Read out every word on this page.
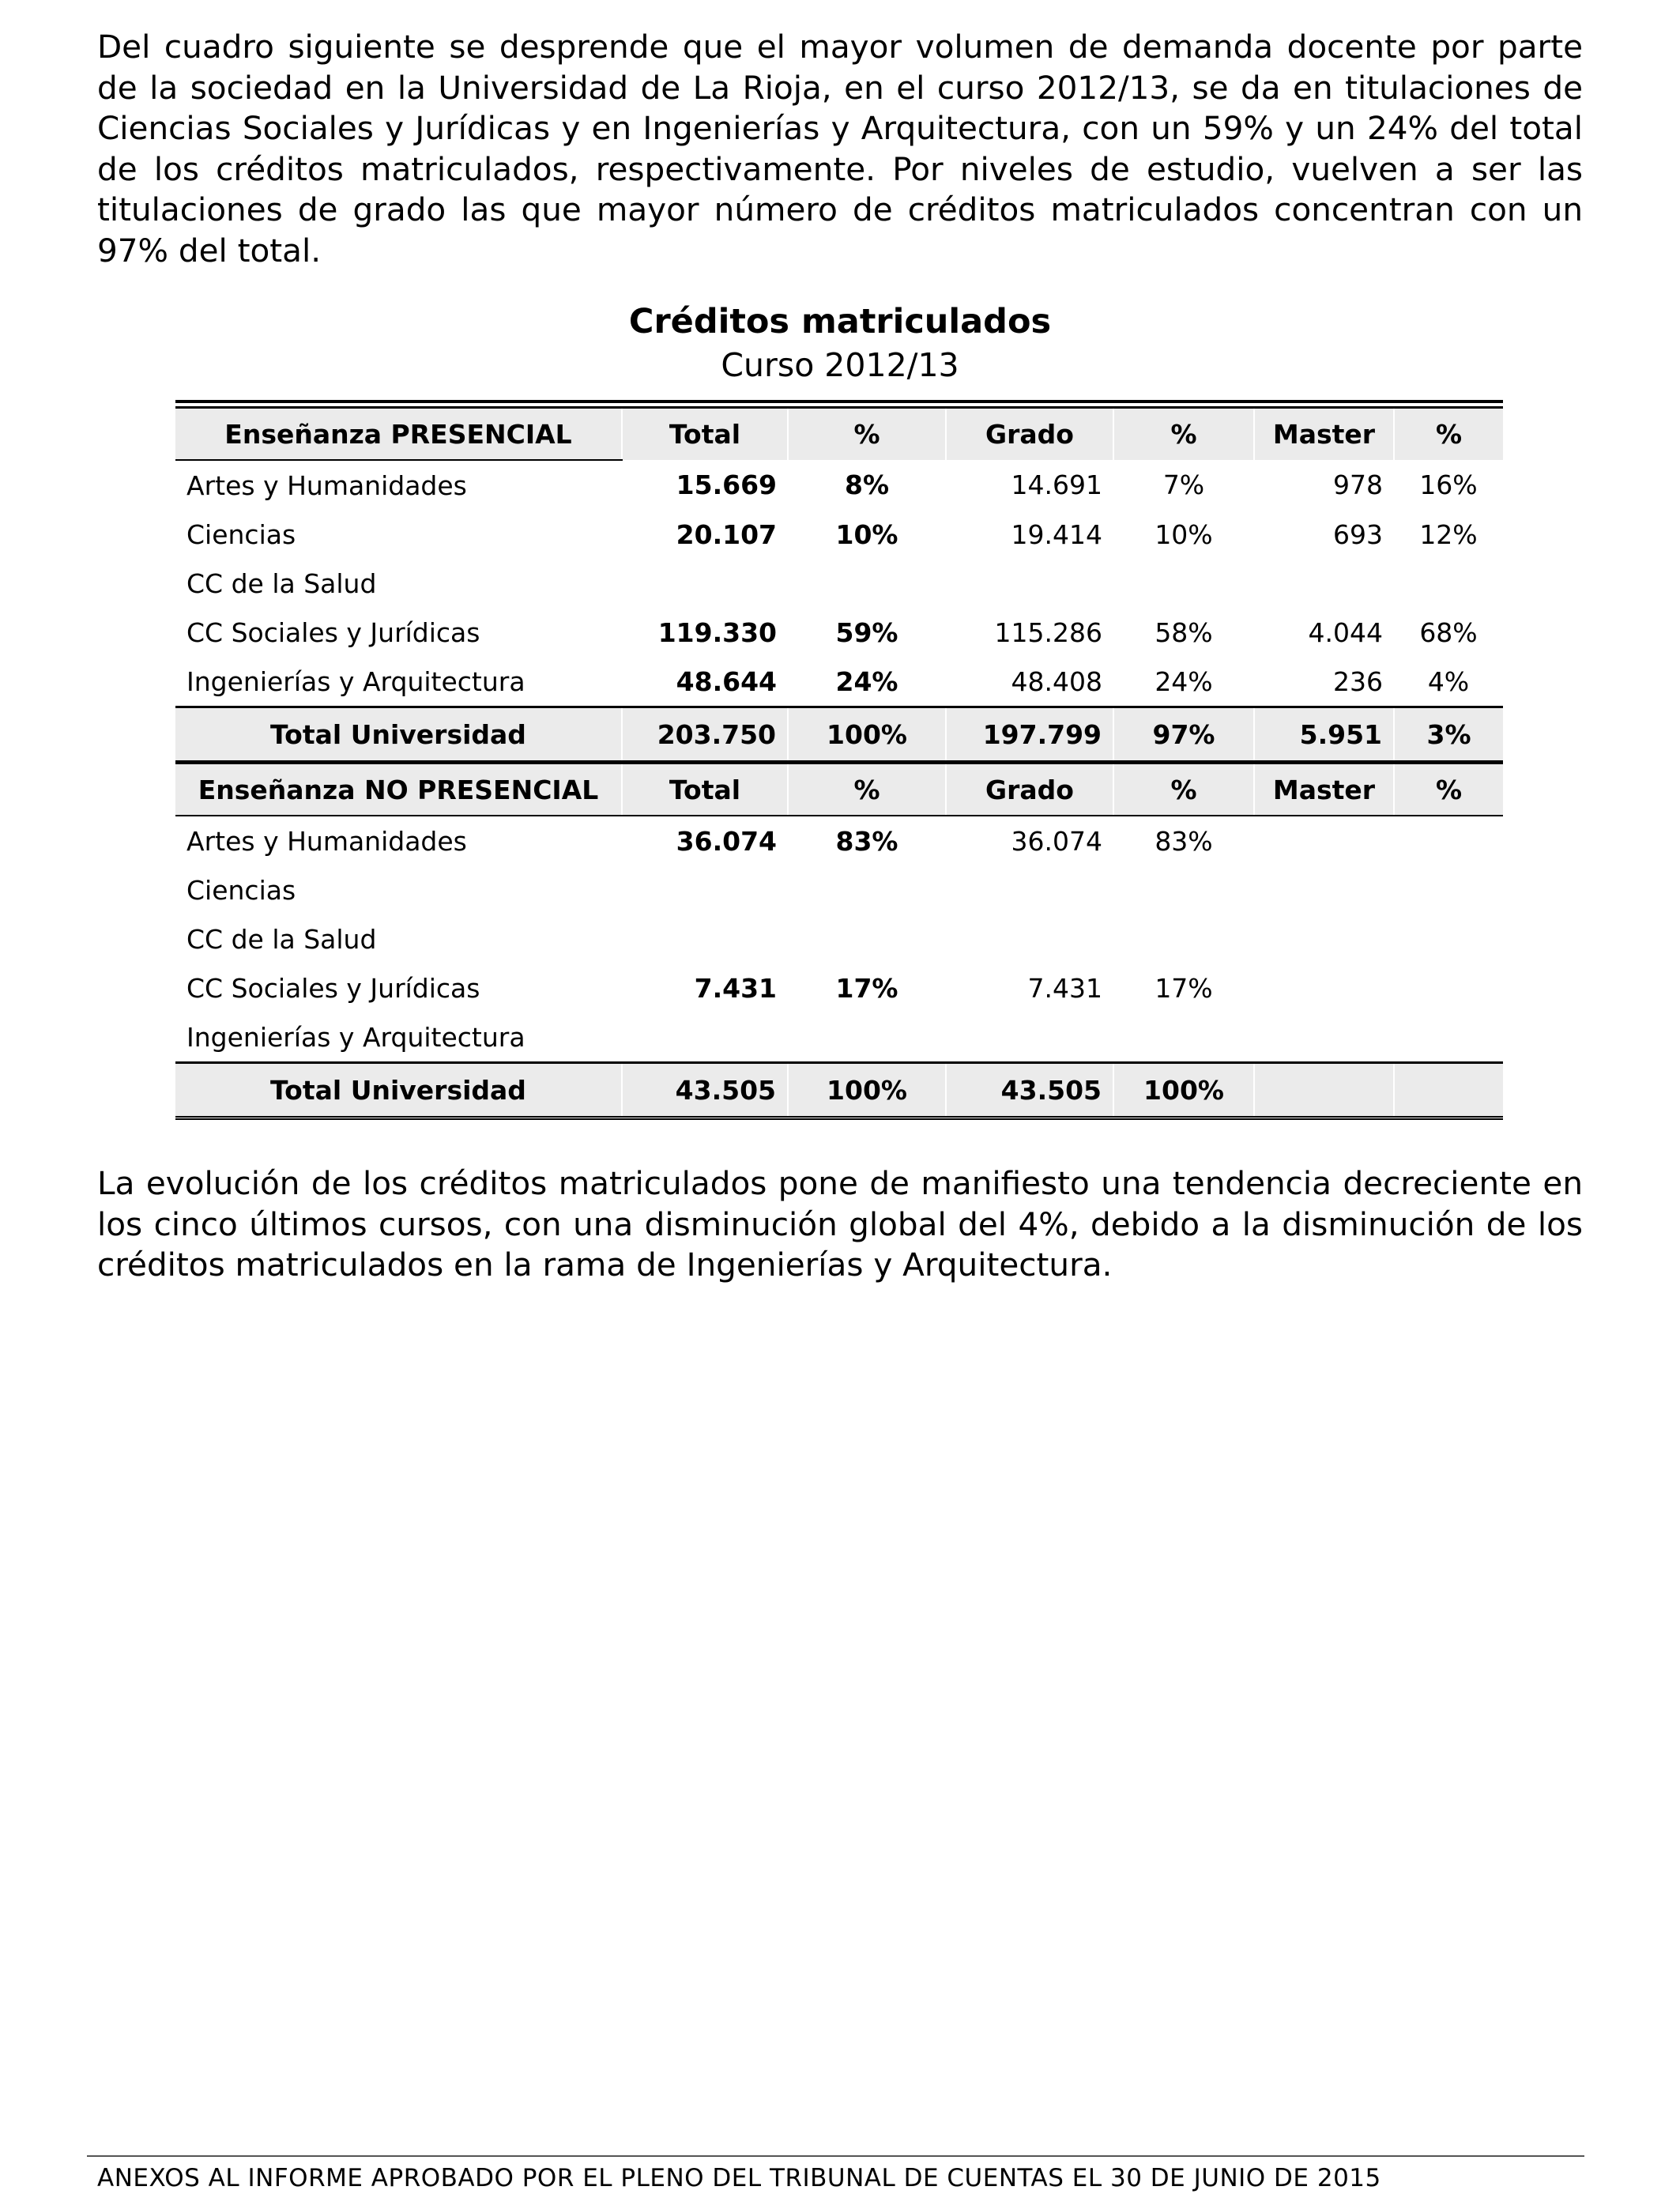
Del cuadro siguiente se desprende que el mayor volumen de demanda docente por parte de la sociedad en la Universidad de La Rioja, en el curso 2012/13, se da en titulaciones de Ciencias Sociales y Jurídicas y en Ingenierías y Arquitectura, con un 59% y un 24% del total de los créditos matriculados, respectivamente. Por niveles de estudio, vuelven a ser las titulaciones de grado las que mayor número de créditos matriculados concentran con un 97% del total.

Créditos matriculados
Curso 2012/13

Enseñanza PRESENCIAL	Total	%	Grado	%	Master	%
Artes y Humanidades	15.669	8%	14.691	7%	978	16%
Ciencias	20.107	10%	19.414	10%	693	12%
CC de la Salud						
CC Sociales y Jurídicas	119.330	59%	115.286	58%	4.044	68%
Ingenierías y Arquitectura	48.644	24%	48.408	24%	236	4%
Total Universidad	203.750	100%	197.799	97%	5.951	3%
Enseñanza NO PRESENCIAL	Total	%	Grado	%	Master	%
Artes y Humanidades	36.074	83%	36.074	83%		
Ciencias						
CC de la Salud						
CC Sociales y Jurídicas	7.431	17%	7.431	17%		
Ingenierías y Arquitectura						
Total Universidad	43.505	100%	43.505	100%		

La evolución de los créditos matriculados pone de manifiesto una tendencia decreciente en los cinco últimos cursos, con una disminución global del 4%, debido a la disminución de los créditos matriculados en la rama de Ingenierías y Arquitectura.

ANEXOS AL INFORME APROBADO POR EL PLENO DEL TRIBUNAL DE CUENTAS EL 30 DE JUNIO DE 2015
